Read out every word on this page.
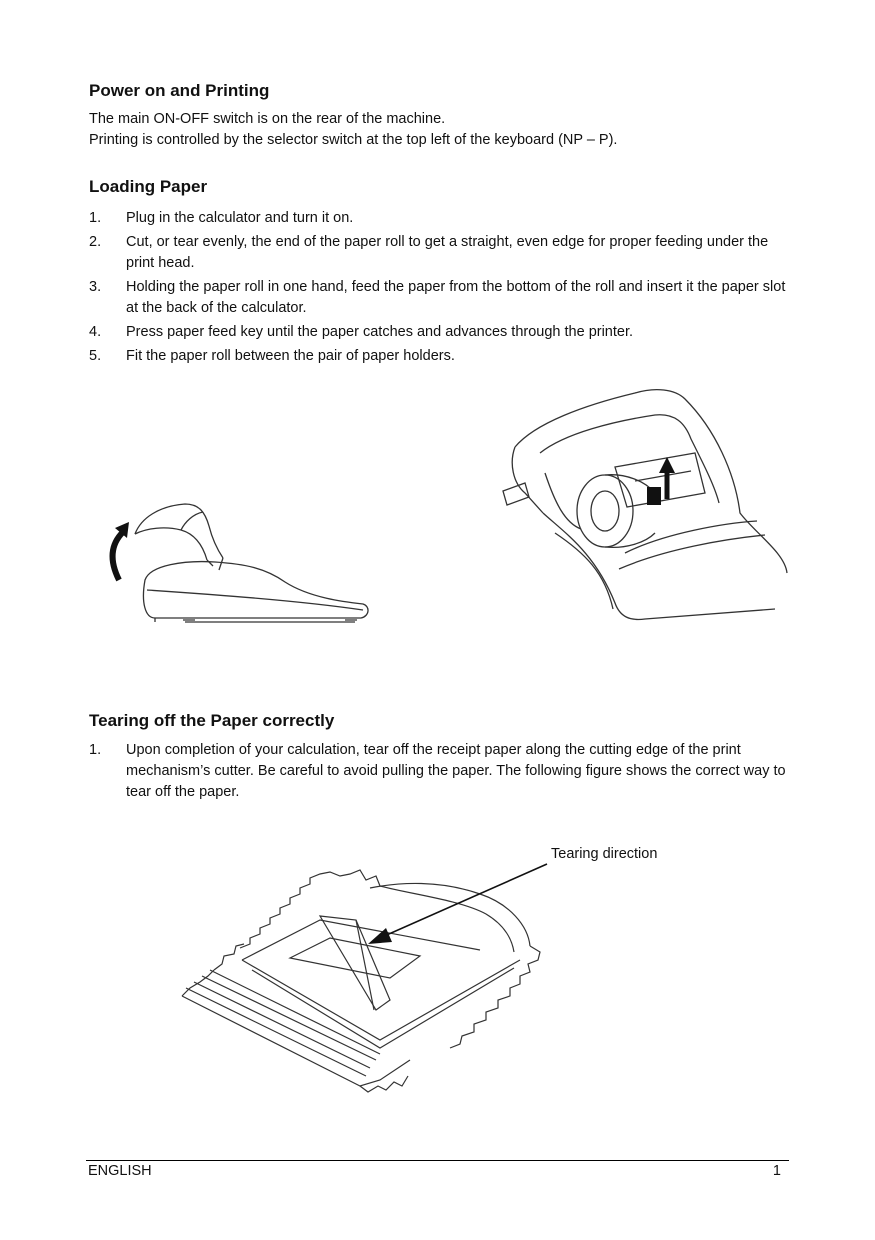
Power on and Printing

The main ON-OFF switch is on the rear of the machine.

Printing is controlled by the selector switch at the top left of the keyboard (NP – P).

Loading Paper
1. Plug in the calculator and turn it on.
2. Cut, or tear evenly, the end of the paper roll to get a straight, even edge for proper feeding under the print head.
3. Holding the paper roll in one hand, feed the paper from the bottom of the roll and insert it the paper slot at the back of the calculator.
4. Press paper feed key until the paper catches and advances through the printer.
5. Fit the paper roll between the pair of paper holders.
Tearing off the Paper correctly
1. Upon completion of your calculation, tear off the receipt paper along the cutting edge of the print mechanism’s cutter. Be careful to avoid pulling the paper. The following figure shows the correct way to tear off the paper.
Tearing direction
ENGLISH	1
